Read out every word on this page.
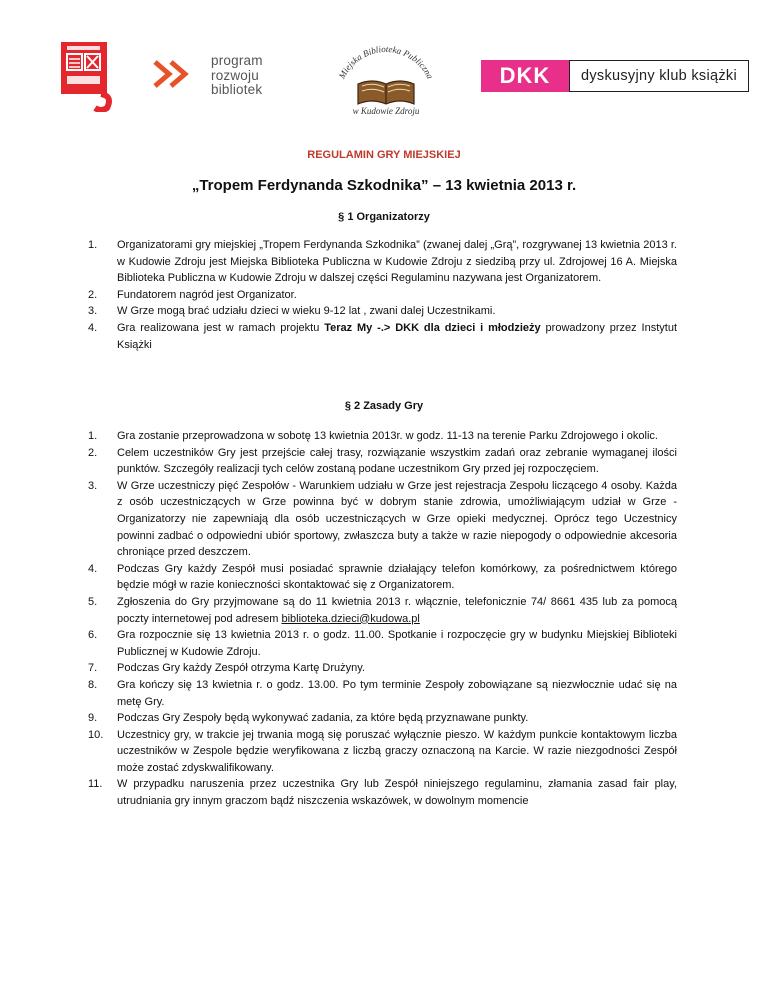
program
rozwoju
bibliotek
Miejska Biblioteka Publiczna
w Kudowie Zdroju
DKK	dyskusyjny klub książki
REGULAMIN GRY MIEJSKIEJ
„Tropem Ferdynanda Szkodnika” – 13 kwietnia 2013 r.
§ 1 Organizatorzy
1.	Organizatorami gry miejskiej „Tropem Ferdynanda Szkodnika” (zwanej dalej „Grą”, rozgrywanej 13 kwietnia 2013 r. w Kudowie Zdroju jest Miejska Biblioteka Publiczna w Kudowie Zdroju z siedzibą przy ul. Zdrojowej 16 A. Miejska Biblioteka Publiczna w Kudowie Zdroju w dalszej części Regulaminu nazywana jest Organizatorem.
2.	Fundatorem nagród jest Organizator.
3.	W Grze mogą brać udziału dzieci w wieku 9-12 lat , zwani dalej Uczestnikami.
4.	Gra realizowana jest w ramach projektu Teraz My -.> DKK dla dzieci i młodzieży prowadzony przez Instytut Książki
§ 2 Zasady Gry
1.	Gra zostanie przeprowadzona w sobotę 13 kwietnia 2013r. w godz. 11-13 na terenie Parku Zdrojowego i okolic.
2.	Celem uczestników Gry jest przejście całej trasy, rozwiązanie wszystkim zadań oraz zebranie wymaganej ilości punktów. Szczegóły realizacji tych celów zostaną podane uczestnikom Gry przed jej rozpoczęciem.
3.	W Grze uczestniczy pięć Zespołów - Warunkiem udziału w Grze jest rejestracja Zespołu liczącego 4 osoby. Każda z osób uczestniczących w Grze powinna być w dobrym stanie zdrowia, umożliwiającym udział w Grze - Organizatorzy nie zapewniają dla osób uczestniczących w Grze opieki medycznej. Oprócz tego Uczestnicy powinni zadbać o odpowiedni ubiór sportowy, zwłaszcza buty a także w razie niepogody o odpowiednie akcesoria chroniące przed deszczem.
4.	Podczas Gry każdy Zespół musi posiadać sprawnie działający telefon komórkowy, za pośrednictwem którego będzie mógł w razie konieczności skontaktować się z Organizatorem.
5.	Zgłoszenia do Gry przyjmowane są do 11 kwietnia 2013 r. włącznie, telefonicznie 74/ 8661 435 lub za pomocą poczty internetowej pod adresem biblioteka.dzieci@kudowa.pl
6.	Gra rozpocznie się 13 kwietnia 2013 r. o godz. 11.00. Spotkanie i rozpoczęcie gry w budynku Miejskiej Biblioteki Publicznej w Kudowie Zdroju.
7.	Podczas Gry każdy Zespół otrzyma Kartę Drużyny.
8.	Gra kończy się 13 kwietnia r. o godz. 13.00. Po tym terminie Zespoły zobowiązane są niezwłocznie udać się na metę Gry.
9.	Podczas Gry Zespoły będą wykonywać zadania, za które będą przyznawane punkty.
10.	Uczestnicy gry, w trakcie jej trwania mogą się poruszać wyłącznie pieszo. W każdym punkcie kontaktowym liczba uczestników w Zespole będzie weryfikowana z liczbą graczy oznaczoną na Karcie. W razie niezgodności Zespół może zostać zdyskwalifikowany.
11.	W przypadku naruszenia przez uczestnika Gry lub Zespół niniejszego regulaminu, złamania zasad fair play, utrudniania gry innym graczom bądź niszczenia wskazówek, w dowolnym momencie
